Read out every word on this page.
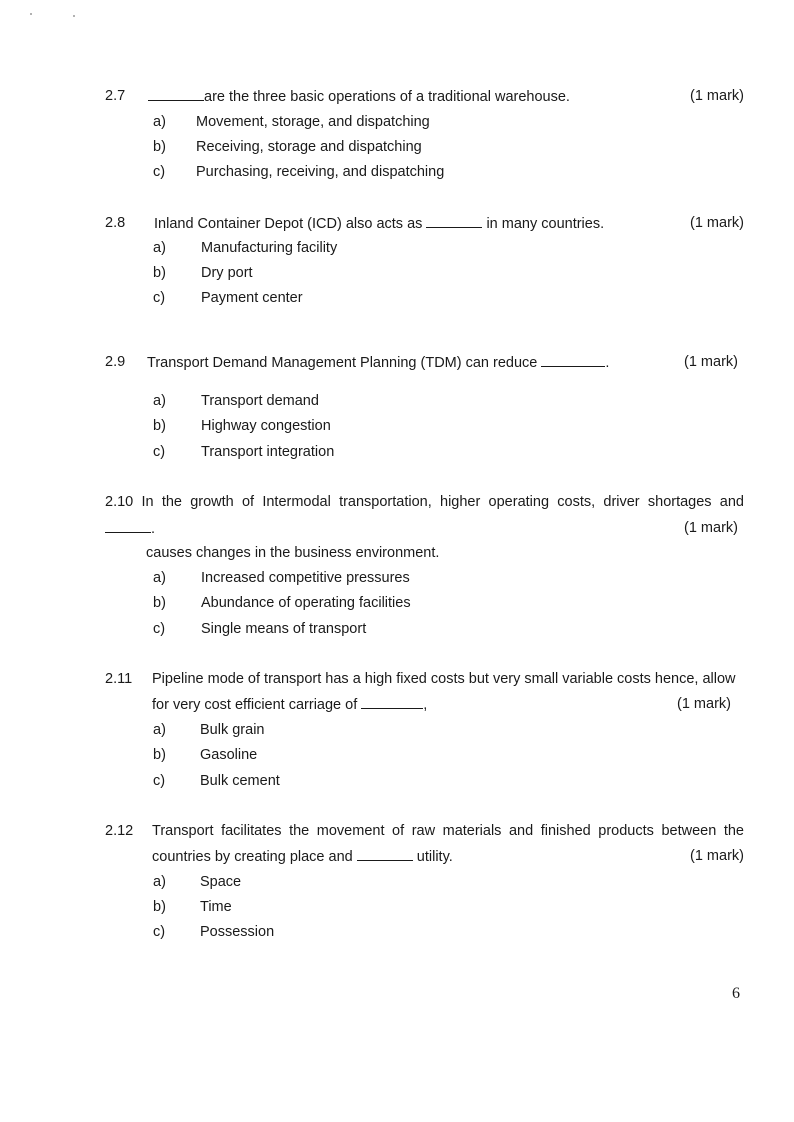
2.7	are the three basic operations of a traditional warehouse.	(1 mark)
a) Movement, storage, and dispatching
b) Receiving, storage and dispatching
c) Purchasing, receiving, and dispatching
2.8 Inland Container Depot (ICD) also acts as	in many countries.	(1 mark)
a) Manufacturing facility
b) Dry port
c) Payment center
2.9 Transport Demand Management Planning (TDM) can reduce	.	(1 mark)
a) Transport demand
b) Highway congestion
c) Transport integration
2.10 In the growth of Intermodal transportation, higher operating costs, driver shortages and
.	(1 mark)
causes changes in the business environment.
a) Increased competitive pressures
b) Abundance of operating facilities
c) Single means of transport
2.11 Pipeline mode of transport has a high fixed costs but very small variable costs hence, allow
for very cost efficient carriage of	,	(1 mark)
a) Bulk grain
b) Gasoline
c) Bulk cement
2.12 Transport facilitates the movement of raw materials and finished products between the
countries by creating place and	utility.	(1 mark)
a) Space
b) Time
c) Possession
6
